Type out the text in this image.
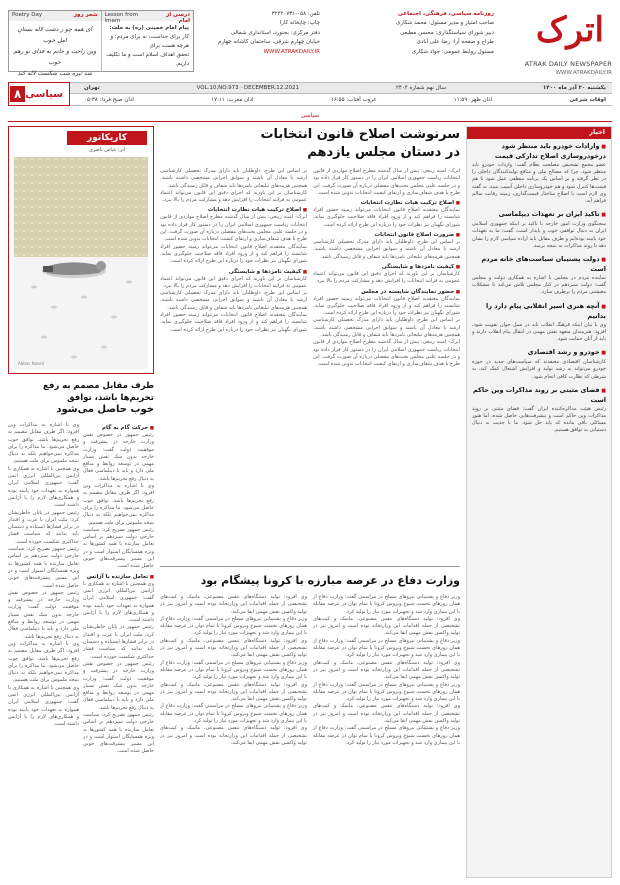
اترک
ATRAK DAILY NEWSPAPER
WWW.ATRAKDAILY.IR
روزنامه سیاسی، فرهنگی، اجتماعی
صاحب امتیاز و مدیر مسئول: محمد شکاری
دبیر شورای سیاستگذاری: محسن مطیعی
طراح و صفحه آرا: رضا علی آبادی
مسئول روابط عمومی: جواد شکاری
تلفن: ۰۵۸-۳۲۲۲۰۷۳۱
چاپ: چاپخانه کارا
دفتر مرکزی: بجنورد، استانداری شمالی
خیابان چهارم شرقی، ساختمان کاشانه چهارم
WWW.ATRAKDAILY.IR
درسی از امام
Lesson from Imam
شعر روز
Poetry Day
پیام امام خمینی (ره) به ملت:
کار برای خداست، نه برای مردم؛ و هرچه هست برای
تحقق اهداف اسلام است و ما تکلیف داریم.
ای همه چو ز دشت لاله بستانِ امل خوب
وین راحت و جانم به فدای تو رهم خوب
شد تیره شب شکست لاله کند
یکشنبه ۲۰ آذر ماه ۱۴۰۰
سال نهم شماره ۲۴۰۴
VOL.10,NO.973 · DECEMBER.12.2021
تهران
اوقات شرعی
اذان ظهر: ۱۱:۵۹
غروب آفتاب: ۱۶:۵۵
اذان مغرب: ۱۷:۱۱
اذان صبح فردا: ۰۵:۳۸
سیاسی
۸
سیاسی
اخبار
■ وارادات خودرو باید منتظر شود درخودروسازی اصلاح تدارکی قیمت
عضو مجمع تشخیص مصلحت نظام گفت: واردات خودرو باید منتظر شود. چرا که مصالح ملی و منافع تولیدکنندگان داخلی را در نظر گرفته و بر اساس یک برنامه منطقی عمل شود تا هم قیمت‌ها کنترل شود و هم خودروسازی داخلی آسیب نبیند. به گفته وی لازم است با اصلاح ساختار قیمت‌گذاری، زمینه رقابت سالم فراهم آید.
■ تاکید ایران بر تعهدات دیپلماسی
سخنگوی وزارت امور خارجه با تاکید بر اینکه جمهوری اسلامی ایران به دنبال توافقی خوب و پایدار است، گفت: ما به تعهدات خود پایبند بوده‌ایم و طرف مقابل باید اراده سیاسی لازم را نشان دهد تا روند مذاکرات به نتیجه برسد.
■ دولت پشتیبان سیاست‌های خانه مردم است
نماینده مردم در مجلس با اشاره به همکاری دولت و مجلس گفت: دولت سیزدهم در کنار مجلس تلاش می‌کند تا مشکلات معیشتی مردم را برطرف سازد.
■ آنچه هنری اسیر انقلابی پیام دارد را بدانیم
وی با بیان اینکه فرهنگ انقلاب باید در نسل جوان تقویت شود، افزود: هنرمندان متعهد نقش مهمی در انتقال پیام انقلاب دارند و باید از آنان حمایت شود.
■ خودرو و رشد اقتصادی
کارشناسان اقتصادی معتقدند که سیاست‌های جدید در حوزه خودرو می‌تواند به رشد تولید و افزایش اشتغال کمک کند، به شرطی که نظارت کافی انجام شود.
■ فضای مثبتی بر روند مذاکرات وین حاکم است
رئیس هیئت مذاکره‌کننده ایران گفت: فضای مثبتی بر روند مذاکرات وین حاکم است و پیشرفت‌هایی حاصل شده، اما هنوز مسائلی باقی مانده که باید حل شود. ما با جدیت به دنبال دستیابی به توافق هستیم.
سرنوشت اصلاح قانون انتخابات در دستان مجلس یازدهم

اترک- امینه ربیعی: پیش از سال گذشته مطرح اصلاح مواردی از قانون انتخابات ریاست جمهوری اسلامی ایران را در دستور کار قرار داده بود و در جلسه علنی مجلس بحث‌های مفصلی درباره آن صورت گرفت. این طرح با هدف شفاف‌سازی و ارتقای کیفیت انتخابات تدوین شده است.

■ اصلاح ترکیب هیات نظارت انتخابات

نمایندگان معتقدند اصلاح قانون انتخابات می‌تواند زمینه حضور افراد شایسته را فراهم کند و از ورود افراد فاقد صلاحیت جلوگیری نماید. شورای نگهبان نیز نظرات خود را درباره این طرح ارائه کرده است.

■ ضرورت اصلاح قانون انتخابات

بر اساس این طرح، داوطلبان باید دارای مدرک تحصیلی کارشناسی ارشد یا معادل آن باشند و سوابق اجرایی مشخصی داشته باشند. همچنین هزینه‌های تبلیغاتی نامزدها باید شفاف و قابل رسیدگی باشد.

■ کیفیت نامزدها و شایستگی

کارشناسان بر این باورند که اجرای دقیق این قانون می‌تواند اعتماد عمومی به فرایند انتخابات را افزایش دهد و مشارکت مردم را بالا ببرد.

■ حضور نمایندگان شایسته در مجلس

نمایندگان معتقدند اصلاح قانون انتخابات می‌تواند زمینه حضور افراد شایسته را فراهم کند و از ورود افراد فاقد صلاحیت جلوگیری نماید. شورای نگهبان نیز نظرات خود را درباره این طرح ارائه کرده است.

بر اساس این طرح، داوطلبان باید دارای مدرک تحصیلی کارشناسی ارشد یا معادل آن باشند و سوابق اجرایی مشخصی داشته باشند. همچنین هزینه‌های تبلیغاتی نامزدها باید شفاف و قابل رسیدگی باشد.

اترک- امینه ربیعی: پیش از سال گذشته مطرح اصلاح مواردی از قانون انتخابات ریاست جمهوری اسلامی ایران را در دستور کار قرار داده بود و در جلسه علنی مجلس بحث‌های مفصلی درباره آن صورت گرفت. این طرح با هدف شفاف‌سازی و ارتقای کیفیت انتخابات تدوین شده است.

بر اساس این طرح، داوطلبان باید دارای مدرک تحصیلی کارشناسی ارشد یا معادل آن باشند و سوابق اجرایی مشخصی داشته باشند. همچنین هزینه‌های تبلیغاتی نامزدها باید شفاف و قابل رسیدگی باشد.

کارشناسان بر این باورند که اجرای دقیق این قانون می‌تواند اعتماد عمومی به فرایند انتخابات را افزایش دهد و مشارکت مردم را بالا ببرد.

■ اصلاح ترکیب هیات نظارت انتخابات

اترک- امینه ربیعی: پیش از سال گذشته مطرح اصلاح مواردی از قانون انتخابات ریاست جمهوری اسلامی ایران را در دستور کار قرار داده بود و در جلسه علنی مجلس بحث‌های مفصلی درباره آن صورت گرفت. این طرح با هدف شفاف‌سازی و ارتقای کیفیت انتخابات تدوین شده است.

نمایندگان معتقدند اصلاح قانون انتخابات می‌تواند زمینه حضور افراد شایسته را فراهم کند و از ورود افراد فاقد صلاحیت جلوگیری نماید. شورای نگهبان نیز نظرات خود را درباره این طرح ارائه کرده است.

■ کیفیت نامزدها و شایستگی

کارشناسان بر این باورند که اجرای دقیق این قانون می‌تواند اعتماد عمومی به فرایند انتخابات را افزایش دهد و مشارکت مردم را بالا ببرد.

بر اساس این طرح، داوطلبان باید دارای مدرک تحصیلی کارشناسی ارشد یا معادل آن باشند و سوابق اجرایی مشخصی داشته باشند. همچنین هزینه‌های تبلیغاتی نامزدها باید شفاف و قابل رسیدگی باشد.

نمایندگان معتقدند اصلاح قانون انتخابات می‌تواند زمینه حضور افراد شایسته را فراهم کند و از ورود افراد فاقد صلاحیت جلوگیری نماید. شورای نگهبان نیز نظرات خود را درباره این طرح ارائه کرده است.

وزارت دفاع در عرصه مبارزه با کرونا پیشگام بود

وزیر دفاع و پشتیبانی نیروهای مسلح در مراسمی گفت: وزارت دفاع از همان روزهای نخست شیوع ویروس کرونا با تمام توان در عرصه مقابله با این بیماری وارد شد و تجهیزات مورد نیاز را تولید کرد.

وی افزود: تولید دستگاه‌های تنفس مصنوعی، ماسک و کیت‌های تشخیصی از جمله اقدامات این وزارتخانه بوده است و امروز نیز در تولید واکسن نقش مهمی ایفا می‌کند.

وزیر دفاع و پشتیبانی نیروهای مسلح در مراسمی گفت: وزارت دفاع از همان روزهای نخست شیوع ویروس کرونا با تمام توان در عرصه مقابله با این بیماری وارد شد و تجهیزات مورد نیاز را تولید کرد.

وی افزود: تولید دستگاه‌های تنفس مصنوعی، ماسک و کیت‌های تشخیصی از جمله اقدامات این وزارتخانه بوده است و امروز نیز در تولید واکسن نقش مهمی ایفا می‌کند.

وزیر دفاع و پشتیبانی نیروهای مسلح در مراسمی گفت: وزارت دفاع از همان روزهای نخست شیوع ویروس کرونا با تمام توان در عرصه مقابله با این بیماری وارد شد و تجهیزات مورد نیاز را تولید کرد.

وی افزود: تولید دستگاه‌های تنفس مصنوعی، ماسک و کیت‌های تشخیصی از جمله اقدامات این وزارتخانه بوده است و امروز نیز در تولید واکسن نقش مهمی ایفا می‌کند.

وزیر دفاع و پشتیبانی نیروهای مسلح در مراسمی گفت: وزارت دفاع از همان روزهای نخست شیوع ویروس کرونا با تمام توان در عرصه مقابله با این بیماری وارد شد و تجهیزات مورد نیاز را تولید کرد.

وی افزود: تولید دستگاه‌های تنفس مصنوعی، ماسک و کیت‌های تشخیصی از جمله اقدامات این وزارتخانه بوده است و امروز نیز در تولید واکسن نقش مهمی ایفا می‌کند.

وزیر دفاع و پشتیبانی نیروهای مسلح در مراسمی گفت: وزارت دفاع از همان روزهای نخست شیوع ویروس کرونا با تمام توان در عرصه مقابله با این بیماری وارد شد و تجهیزات مورد نیاز را تولید کرد.

وی افزود: تولید دستگاه‌های تنفس مصنوعی، ماسک و کیت‌های تشخیصی از جمله اقدامات این وزارتخانه بوده است و امروز نیز در تولید واکسن نقش مهمی ایفا می‌کند.

وزیر دفاع و پشتیبانی نیروهای مسلح در مراسمی گفت: وزارت دفاع از همان روزهای نخست شیوع ویروس کرونا با تمام توان در عرصه مقابله با این بیماری وارد شد و تجهیزات مورد نیاز را تولید کرد.

وی افزود: تولید دستگاه‌های تنفس مصنوعی، ماسک و کیت‌های تشخیصی از جمله اقدامات این وزارتخانه بوده است و امروز نیز در تولید واکسن نقش مهمی ایفا می‌کند.

وزیر دفاع و پشتیبانی نیروهای مسلح در مراسمی گفت: وزارت دفاع از همان روزهای نخست شیوع ویروس کرونا با تمام توان در عرصه مقابله با این بیماری وارد شد و تجهیزات مورد نیاز را تولید کرد.

وی افزود: تولید دستگاه‌های تنفس مصنوعی، ماسک و کیت‌های تشخیصی از جمله اقدامات این وزارتخانه بوده است و امروز نیز در تولید واکسن نقش مهمی ایفا می‌کند.

کاریکاتور
اثر: عباس ناصری
Abbas Naseri
طرف مقابل مصمم به رفع تحریم‌ها باشد، توافق
خوب حاصل می‌شود
■ حرکت گام به گام

رئیس جمهور در خصوص نقش وزارت خارجه در پیشرفت و موفقیت دولت گفت: وزارت خارجه بدون شک نقش بسیار مهمی در توسعه روابط و منافع ملی دارد و باید با دیپلماسی فعال به دنبال رفع تحریم‌ها باشد.

وی با اشاره به مذاکرات وین افزود: اگر طرف مقابل مصمم به رفع تحریم‌ها باشد، توافق خوب حاصل می‌شود. ما مذاکره را برای مذاکره نمی‌خواهیم بلکه به دنبال نتیجه ملموس برای ملت هستیم.

رئیس جمهور تصریح کرد: سیاست خارجی دولت سیزدهم بر اساس تعامل سازنده با همه کشورها به ویژه همسایگان استوار است و در این مسیر پیشرفت‌های خوبی حاصل شده است.

■ تعامل سازنده با آژانس

وی همچنین با اشاره به همکاری با آژانس بین‌المللی انرژی اتمی گفت: جمهوری اسلامی ایران همواره به تعهدات خود پایبند بوده و همکاری‌های لازم را با آژانس داشته است.

رئیس جمهور در پایان خاطرنشان کرد: ملت ایران با عزت و اقتدار در برابر فشارها ایستاده و دشمنان باید بدانند که سیاست فشار حداکثری شکست خورده است.

رئیس جمهور در خصوص نقش وزارت خارجه در پیشرفت و موفقیت دولت گفت: وزارت خارجه بدون شک نقش بسیار مهمی در توسعه روابط و منافع ملی دارد و باید با دیپلماسی فعال به دنبال رفع تحریم‌ها باشد.

رئیس جمهور تصریح کرد: سیاست خارجی دولت سیزدهم بر اساس تعامل سازنده با همه کشورها به ویژه همسایگان استوار است و در این مسیر پیشرفت‌های خوبی حاصل شده است.

وی با اشاره به مذاکرات وین افزود: اگر طرف مقابل مصمم به رفع تحریم‌ها باشد، توافق خوب حاصل می‌شود. ما مذاکره را برای مذاکره نمی‌خواهیم بلکه به دنبال نتیجه ملموس برای ملت هستیم.

وی همچنین با اشاره به همکاری با آژانس بین‌المللی انرژی اتمی گفت: جمهوری اسلامی ایران همواره به تعهدات خود پایبند بوده و همکاری‌های لازم را با آژانس داشته است.

رئیس جمهور در پایان خاطرنشان کرد: ملت ایران با عزت و اقتدار در برابر فشارها ایستاده و دشمنان باید بدانند که سیاست فشار حداکثری شکست خورده است.

رئیس جمهور تصریح کرد: سیاست خارجی دولت سیزدهم بر اساس تعامل سازنده با همه کشورها به ویژه همسایگان استوار است و در این مسیر پیشرفت‌های خوبی حاصل شده است.

رئیس جمهور در خصوص نقش وزارت خارجه در پیشرفت و موفقیت دولت گفت: وزارت خارجه بدون شک نقش بسیار مهمی در توسعه روابط و منافع ملی دارد و باید با دیپلماسی فعال به دنبال رفع تحریم‌ها باشد.

وی با اشاره به مذاکرات وین افزود: اگر طرف مقابل مصمم به رفع تحریم‌ها باشد، توافق خوب حاصل می‌شود. ما مذاکره را برای مذاکره نمی‌خواهیم بلکه به دنبال نتیجه ملموس برای ملت هستیم.

وی همچنین با اشاره به همکاری با آژانس بین‌المللی انرژی اتمی گفت: جمهوری اسلامی ایران همواره به تعهدات خود پایبند بوده و همکاری‌های لازم را با آژانس داشته است.
